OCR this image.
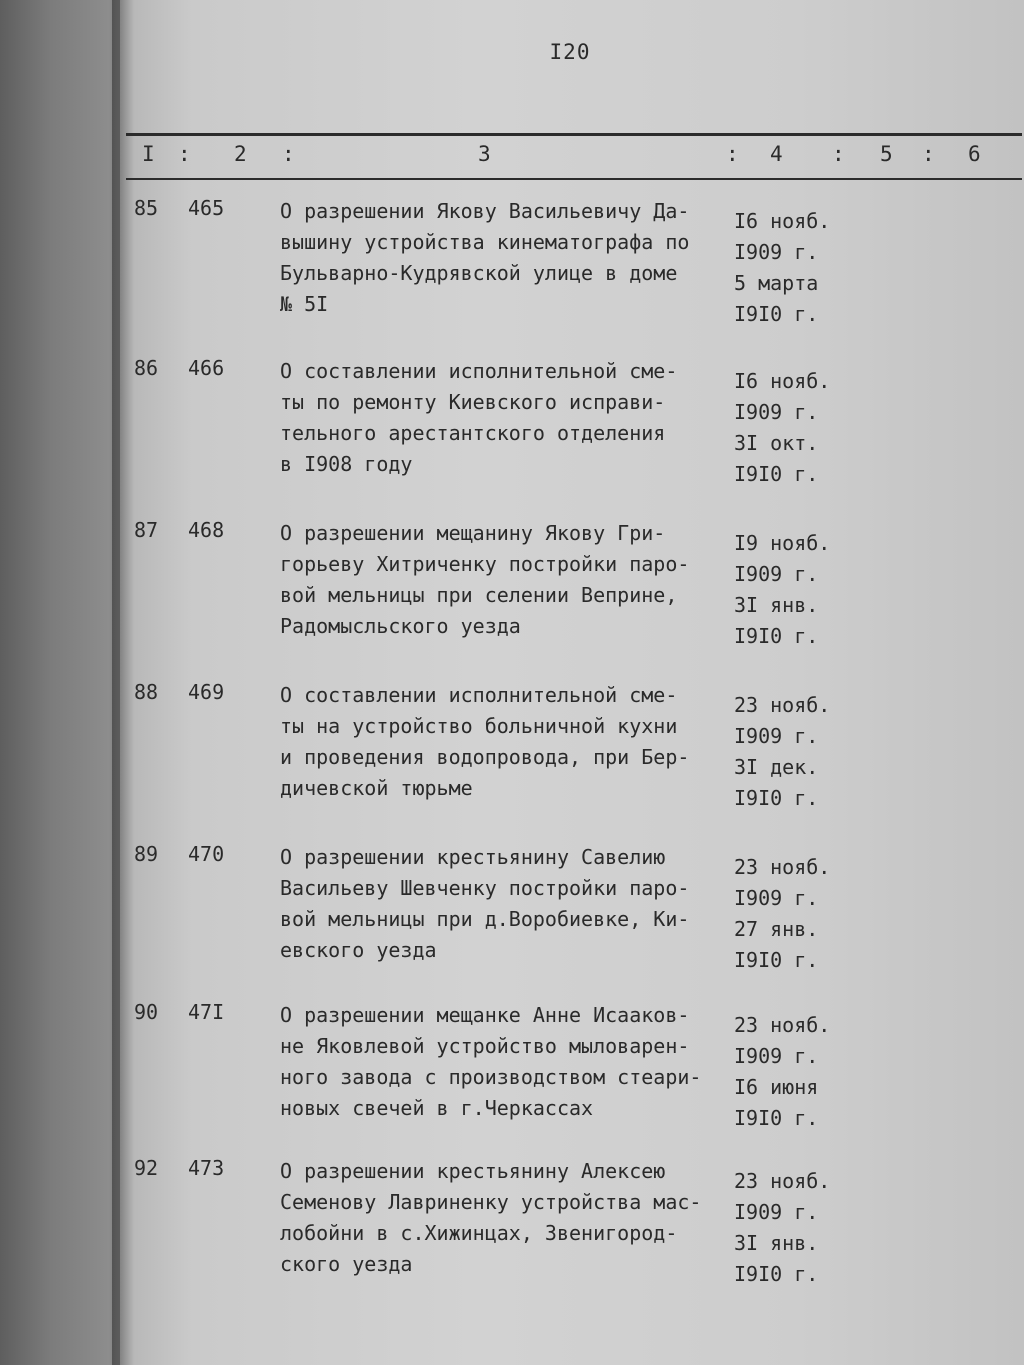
I20
I : 2 :	3	: 4 : 5 : 6
85 465	О разрешении Якову Васильевичу Да-
вышину устройства кинематографа по
Бульварно-Кудрявской улице в доме
№ 5I
I6 нояб.
I909 г.
5 марта
I9I0 г.
86 466	О составлении исполнительной сме-
ты по ремонту Киевского исправи-
тельного арестантского отделения
в I908 году
I6 нояб.
I909 г.
3I окт.
I9I0 г.
87 468	О разрешении мещанину Якову Гри-
горьеву Хитриченку постройки паро-
вой мельницы при селении Веприне,
Радомысльского уезда
I9 нояб.
I909 г.
3I янв.
I9I0 г.
88 469	О составлении исполнительной сме-
ты на устройство больничной кухни
и проведения водопровода, при Бер-
дичевской тюрьме
23 нояб.
I909 г.
3I дек.
I9I0 г.
89 470	О разрешении крестьянину Савелию
Васильеву Шевченку постройки паро-
вой мельницы при д.Воробиевке, Ки-
евского уезда
23 нояб.
I909 г.
27 янв.
I9I0 г.
90 47I	О разрешении мещанке Анне Исааков-
не Яковлевой устройство мыловарен-
ного завода с производством стеари-
новых свечей в г.Черкассах
23 нояб.
I909 г.
I6 июня
I9I0 г.
92 473	О разрешении крестьянину Алексею
Семенову Лавриненку устройства мас-
лобойни в с.Хижинцах, Звенигород-
ского уезда
23 нояб.
I909 г.
3I янв.
I9I0 г.
